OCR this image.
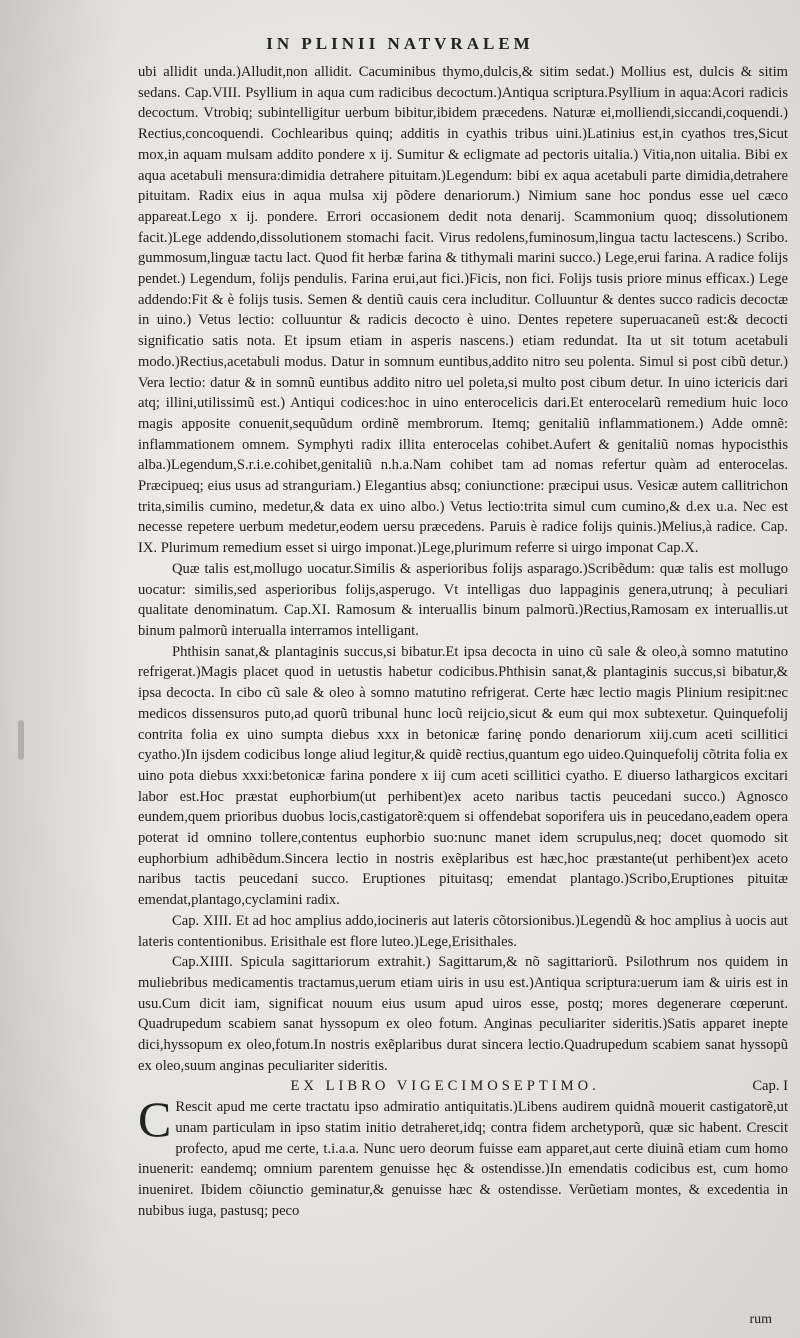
IN PLINII NATVRALEM

ubi allidit unda.)Alludit,non allidit. Cacuminibus thymo,dulcis,& sitim sedat.) Mollius est, dulcis & sitim sedans. Cap.VIII. Psyllium in aqua cum radicibus decoctum.)Antiqua scriptura.Psyllium in aqua:Acori radicis decoctum. Vtrobiq; subintelligitur uerbum bibitur,ibidem præcedens. Naturæ ei,molliendi,siccandi,coquendi.) Rectius,concoquendi. Cochlearibus quinq; additis in cyathis tribus uini.)Latinius est,in cyathos tres,Sicut mox,in aquam mulsam addito pondere x ij. Sumitur & ecligmate ad pectoris uitalia.) Vitia,non uitalia. Bibi ex aqua acetabuli mensura:dimidia detrahere pituitam.)Legendum: bibi ex aqua acetabuli parte dimidia,detrahere pituitam. Radix eius in aqua mulsa xij põdere denariorum.) Nimium sane hoc pondus esse uel cæco appareat.Lego x ij. pondere. Errori occasionem dedit nota denarij. Scammonium quoq; dissolutionem facit.)Lege addendo,dissolutionem stomachi facit. Virus redolens,fuminosum,lingua tactu lactescens.) Scribo. gummosum,linguæ tactu lact. Quod fit herbæ farina & tithymali marini succo.) Lege,erui farina. A radice folijs pendet.) Legendum, folijs pendulis. Farina erui,aut fici.)Ficis, non fici. Folijs tusis priore minus efficax.) Lege addendo:Fit & è folijs tusis. Semen & dentiũ cauis cera includitur. Colluuntur & dentes succo radicis decoctæ in uino.) Vetus lectio: colluuntur & radicis decocto è uino. Dentes repetere superuacaneũ est:& decocti significatio satis nota. Et ipsum etiam in asperis nascens.) etiam redundat. Ita ut sit totum acetabuli modo.)Rectius,acetabuli modus. Datur in somnum euntibus,addito nitro seu polenta. Simul si post cibũ detur.) Vera lectio: datur & in somnũ euntibus addito nitro uel poleta,si multo post cibum detur. In uino ictericis dari atq; illini,utilissimũ est.) Antiqui codices:hoc in uino enterocelicis dari.Et enterocelarũ remedium huic loco magis apposite conuenit,sequũdum ordinẽ membrorum. Itemq; genitaliũ inflammationem.) Adde omnẽ: inflammationem omnem. Symphyti radix illita enterocelas cohibet.Aufert & genitaliũ nomas hypocisthis alba.)Legendum,S.r.i.e.cohibet,genitaliũ n.h.a.Nam cohibet tam ad nomas refertur quàm ad enterocelas. Præcipueq; eius usus ad stranguriam.) Elegantius absq; coniunctione: præcipui usus. Vesicæ autem callitrichon trita,similis cumino, medetur,& data ex uino albo.) Vetus lectio:trita simul cum cumino,& d.ex u.a. Nec est necesse repetere uerbum medetur,eodem uersu præcedens. Paruis è radice folijs quinis.)Melius,à radice. Cap. IX. Plurimum remedium esset si uirgo imponat.)Lege,plurimum referre si uirgo imponat Cap.X.

Quæ talis est,mollugo uocatur.Similis & asperioribus folijs asparago.)Scribẽdum: quæ talis est mollugo uocatur: similis,sed asperioribus folijs,asperugo. Vt intelligas duo lappaginis genera,utrunq; à peculiari qualitate denominatum. Cap.XI. Ramosum & interuallis binum palmorũ.)Rectius,Ramosam ex interuallis.ut binum palmorũ interualla interramos intelligant.

Phthisin sanat,& plantaginis succus,si bibatur.Et ipsa decocta in uino cũ sale & oleo,à somno matutino refrigerat.)Magis placet quod in uetustis habetur codicibus.Phthisin sanat,& plantaginis succus,si bibatur,& ipsa decocta. In cibo cũ sale & oleo à somno matutino refrigerat. Certe hæc lectio magis Plinium resipit:nec medicos dissensuros puto,ad quorũ tribunal hunc locũ reijcio,sicut & eum qui mox subtexetur. Quinquefolij contrita folia ex uino sumpta diebus xxx in betonicæ farinę pondo denariorum xiij.cum aceti scillitici cyatho.)In ijsdem codicibus longe aliud legitur,& quidẽ rectius,quantum ego uideo.Quinquefolij cõtrita folia ex uino pota diebus xxxi:betonicæ farina pondere x iij cum aceti scillitici cyatho. E diuerso lathargicos excitari labor est.Hoc præstat euphorbium(ut perhibent)ex aceto naribus tactis peucedani succo.) Agnosco eundem,quem prioribus duobus locis,castigatorẽ:quem si offendebat soporifera uis in peucedano,eadem opera poterat id omnino tollere,contentus euphorbio suo:nunc manet idem scrupulus,neq; docet quomodo sit euphorbium adhibẽdum.Sincera lectio in nostris exẽplaribus est hæc,hoc præstante(ut perhibent)ex aceto naribus tactis peucedani succo. Eruptiones pituitasq; emendat plantago.)Scribo,Eruptiones pituitæ emendat,plantago,cyclamini radix.

Cap. XIII. Et ad hoc amplius addo,iocineris aut lateris cõtorsionibus.)Legendũ & hoc amplius à uocis aut lateris contentionibus. Erisithale est flore luteo.)Lege,Erisithales.

Cap.XIIII. Spicula sagittariorum extrahit.) Sagittarum,& nõ sagittariorũ. Psilothrum nos quidem in muliebribus medicamentis tractamus,uerum etiam uiris in usu est.)Antiqua scriptura:uerum iam & uiris est in usu.Cum dicit iam, significat nouum eius usum apud uiros esse, postq; mores degenerare cœperunt. Quadrupedum scabiem sanat hyssopum ex oleo fotum. Anginas peculiariter sideritis.)Satis apparet inepte dici,hyssopum ex oleo,fotum.In nostris exẽplaribus durat sincera lectio.Quadrupedum scabiem sanat hyssopũ ex oleo,suum anginas peculiariter sideritis.

EX LIBRO VIGECIMOSEPTIMO.	Cap. I

C Rescit apud me certe tractatu ipso admiratio antiquitatis.)Libens audirem quidnã mouerit castigatorẽ,ut unam particulam in ipso statim initio detraheret,idq; contra fidem archetyporũ, quæ sic habent. Crescit profecto, apud me certe, t.i.a.a. Nunc uero deorum fuisse eam apparet,aut certe diuinã etiam cum homo inuenerit: eandemq; omnium parentem genuisse hęc & ostendisse.)In emendatis codicibus est, cum homo inueniret. Ibidem cõiunctio geminatur,& genuisse hæc & ostendisse. Verũetiam montes, & excedentia in nubibus iuga, pastusq; peco

rum
